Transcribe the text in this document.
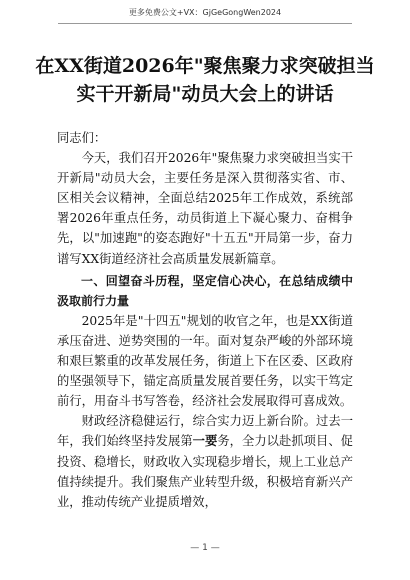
更多免费公文+VX：GjGeGongWen2024
在XX街道2026年"聚焦聚力求突破担当
实干开新局"动员大会上的讲话

同志们：

今天，我们召开2026年"聚焦聚力求突破担当实干开新局"动员大会，主要任务是深入贯彻落实省、市、区相关会议精神，全面总结2025年工作成效，系统部署2026年重点任务，动员街道上下凝心聚力、奋楫争先，以"加速跑"的姿态跑好"十五五"开局第一步，奋力谱写XX街道经济社会高质量发展新篇章。

一、回望奋斗历程，坚定信心决心，在总结成绩中汲取前行力量

2025年是"十四五"规划的收官之年，也是XX街道承压奋进、逆势突围的一年。面对复杂严峻的外部环境和艰巨繁重的改革发展任务，街道上下在区委、区政府的坚强领导下，锚定高质量发展首要任务，以实干笃定前行，用奋斗书写答卷，经济社会发展取得可喜成效。

财政经济稳健运行，综合实力迈上新台阶。过去一年，我们始终坚持发展第一要务，全力以赴抓项目、促投资、稳增长，财政收入实现稳步增长，规上工业总产值持续提升。我们聚焦产业转型升级，积极培育新兴产业，推动传统产业提质增效，

— 1 —
